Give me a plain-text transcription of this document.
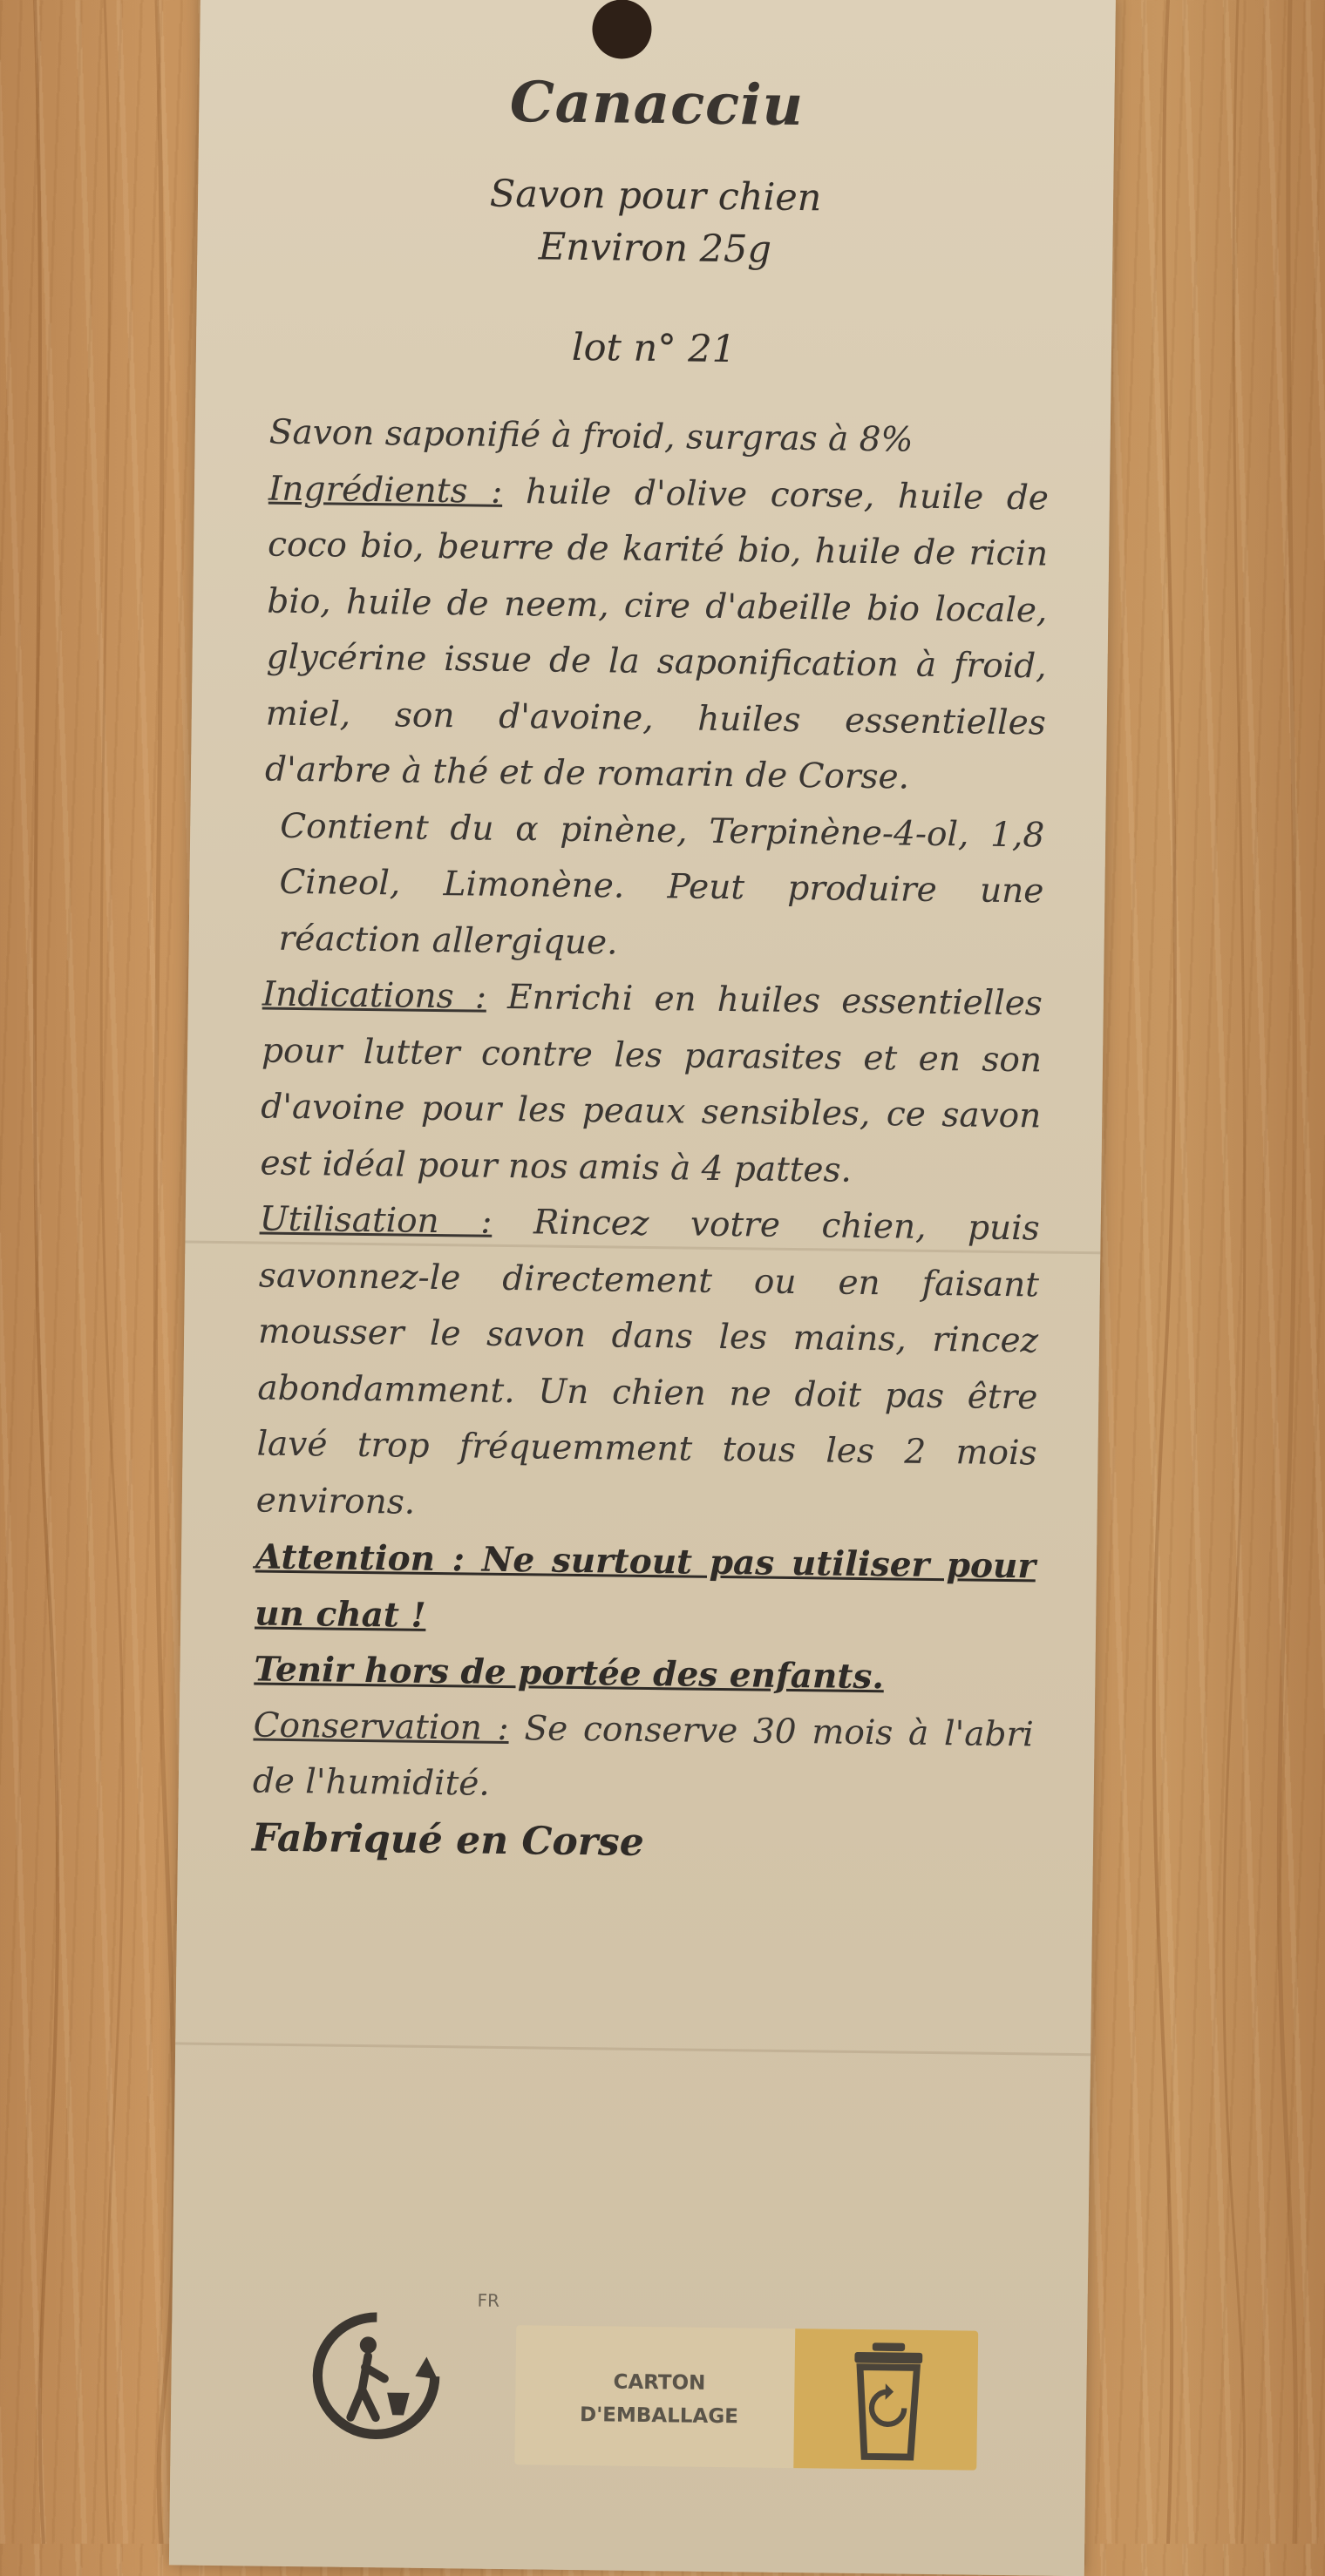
Canacciu
Savon pour chien
Environ 25g
lot n° 21

Savon saponifié à froid, surgras à 8%

Ingrédients : huile d'olive corse, huile de coco bio, beurre de karité bio, huile de ricin bio, huile de neem, cire d'abeille bio locale, glycérine issue de la saponification à froid, miel, son d'avoine, huiles essentielles d'arbre à thé et de romarin de Corse.

Contient du α pinène, Terpinène-4-ol, 1,8 Cineol, Limonène. Peut produire une réaction allergique.

Indications : Enrichi en huiles essentielles pour lutter contre les parasites et en son d'avoine pour les peaux sensibles, ce savon est idéal pour nos amis à 4 pattes.

Utilisation : Rincez votre chien, puis savonnez-le directement ou en faisant mousser le savon dans les mains, rincez abondamment. Un chien ne doit pas être lavé trop fréquemment tous les 2 mois environs.

Attention : Ne surtout pas utiliser pour un chat !

Tenir hors de portée des enfants.

Conservation : Se conserve 30 mois à l'abri de l'humidité.

Fabriqué en Corse

FR
CARTON
D'EMBALLAGE
